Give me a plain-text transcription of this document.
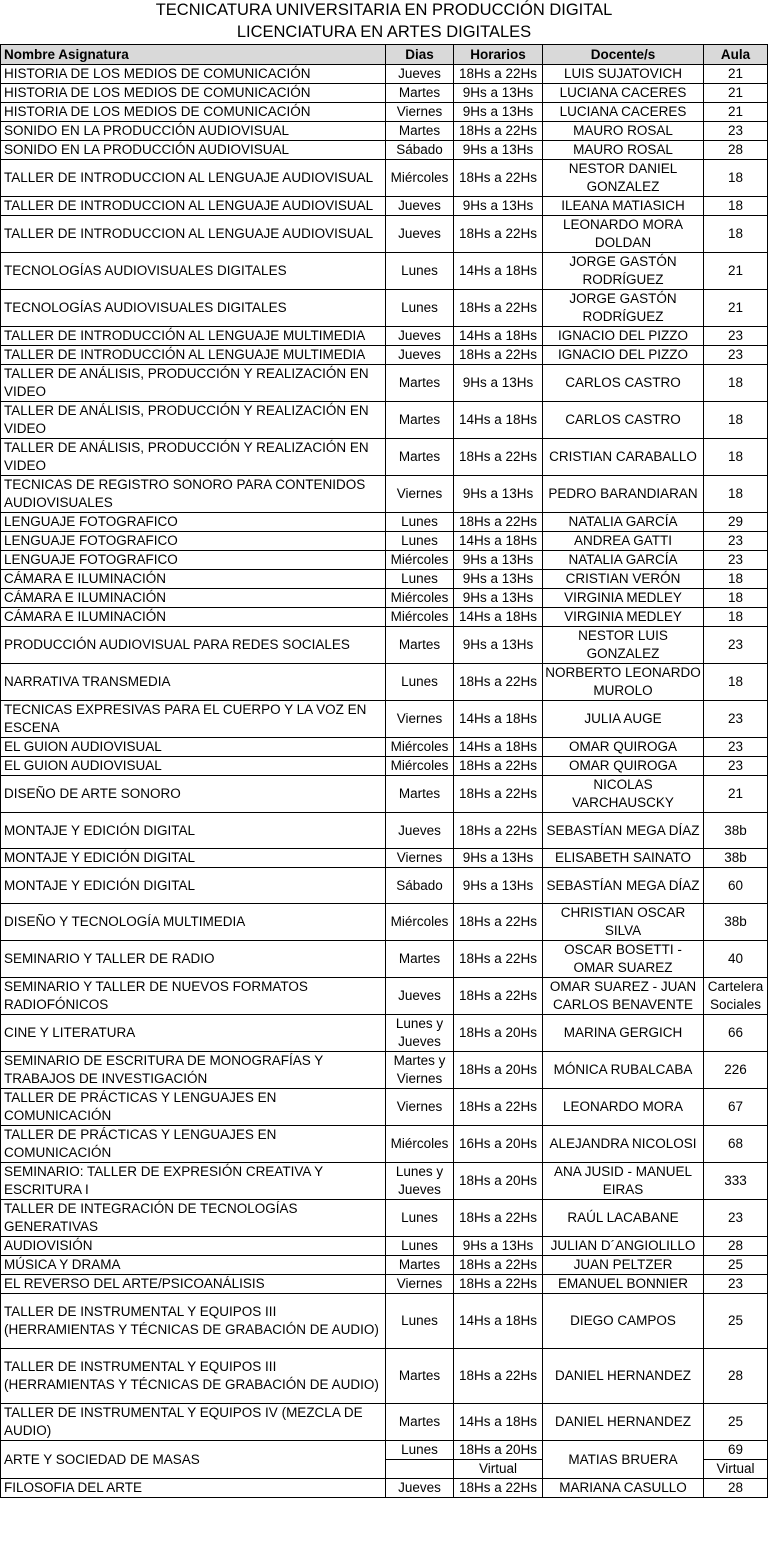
TECNICATURA UNIVERSITARIA EN PRODUCCIÓN DIGITAL
LICENCIATURA EN ARTES DIGITALES
Nombre Asignatura	Dias	Horarios	Docente/s	Aula
HISTORIA DE LOS MEDIOS DE COMUNICACIÓN	Jueves	18Hs a 22Hs	LUIS SUJATOVICH	21
HISTORIA DE LOS MEDIOS DE COMUNICACIÓN	Martes	9Hs a 13Hs	LUCIANA CACERES	21
HISTORIA DE LOS MEDIOS DE COMUNICACIÓN	Viernes	9Hs a 13Hs	LUCIANA CACERES	21
SONIDO EN LA PRODUCCIÓN AUDIOVISUAL	Martes	18Hs a 22Hs	MAURO ROSAL	23
SONIDO EN LA PRODUCCIÓN AUDIOVISUAL	Sábado	9Hs a 13Hs	MAURO ROSAL	28
TALLER DE INTRODUCCION AL LENGUAJE AUDIOVISUAL	Miércoles	18Hs a 22Hs	NESTOR DANIEL GONZALEZ	18
TALLER DE INTRODUCCION AL LENGUAJE AUDIOVISUAL	Jueves	9Hs a 13Hs	ILEANA MATIASICH	18
TALLER DE INTRODUCCION AL LENGUAJE AUDIOVISUAL	Jueves	18Hs a 22Hs	LEONARDO MORA DOLDAN	18
TECNOLOGÍAS AUDIOVISUALES DIGITALES	Lunes	14Hs a 18Hs	JORGE GASTÓN RODRÍGUEZ	21
TECNOLOGÍAS AUDIOVISUALES DIGITALES	Lunes	18Hs a 22Hs	JORGE GASTÓN RODRÍGUEZ	21
TALLER DE INTRODUCCIÓN AL LENGUAJE MULTIMEDIA	Jueves	14Hs a 18Hs	IGNACIO DEL PIZZO	23
TALLER DE INTRODUCCIÓN AL LENGUAJE MULTIMEDIA	Jueves	18Hs a 22Hs	IGNACIO DEL PIZZO	23
TALLER DE ANÁLISIS, PRODUCCIÓN Y REALIZACIÓN EN VIDEO	Martes	9Hs a 13Hs	CARLOS CASTRO	18
TALLER DE ANÁLISIS, PRODUCCIÓN Y REALIZACIÓN EN VIDEO	Martes	14Hs a 18Hs	CARLOS CASTRO	18
TALLER DE ANÁLISIS, PRODUCCIÓN Y REALIZACIÓN EN VIDEO	Martes	18Hs a 22Hs	CRISTIAN CARABALLO	18
TECNICAS DE REGISTRO SONORO PARA CONTENIDOS AUDIOVISUALES	Viernes	9Hs a 13Hs	PEDRO BARANDIARAN	18
LENGUAJE FOTOGRAFICO	Lunes	18Hs a 22Hs	NATALIA GARCÍA	29
LENGUAJE FOTOGRAFICO	Lunes	14Hs a 18Hs	ANDREA GATTI	23
LENGUAJE FOTOGRAFICO	Miércoles	9Hs a 13Hs	NATALIA GARCÍA	23
CÁMARA E ILUMINACIÓN	Lunes	9Hs a 13Hs	CRISTIAN VERÓN	18
CÁMARA E ILUMINACIÓN	Miércoles	9Hs a 13Hs	VIRGINIA MEDLEY	18
CÁMARA E ILUMINACIÓN	Miércoles	14Hs a 18Hs	VIRGINIA MEDLEY	18
PRODUCCIÓN AUDIOVISUAL PARA REDES SOCIALES	Martes	9Hs a 13Hs	NESTOR LUIS GONZALEZ	23
NARRATIVA TRANSMEDIA	Lunes	18Hs a 22Hs	NORBERTO LEONARDO MUROLO	18
TECNICAS EXPRESIVAS PARA EL CUERPO Y LA VOZ EN ESCENA	Viernes	14Hs a 18Hs	JULIA AUGE	23
EL GUION AUDIOVISUAL	Miércoles	14Hs a 18Hs	OMAR QUIROGA	23
EL GUION AUDIOVISUAL	Miércoles	18Hs a 22Hs	OMAR QUIROGA	23
DISEÑO DE ARTE SONORO	Martes	18Hs a 22Hs	NICOLAS VARCHAUSCKY	21
MONTAJE Y EDICIÓN DIGITAL	Jueves	18Hs a 22Hs	SEBASTÍAN MEGA DÍAZ	38b
MONTAJE Y EDICIÓN DIGITAL	Viernes	9Hs a 13Hs	ELISABETH SAINATO	38b
MONTAJE Y EDICIÓN DIGITAL	Sábado	9Hs a 13Hs	SEBASTÍAN MEGA DÍAZ	60
DISEÑO Y TECNOLOGÍA MULTIMEDIA	Miércoles	18Hs a 22Hs	CHRISTIAN OSCAR SILVA	38b
SEMINARIO Y TALLER DE RADIO	Martes	18Hs a 22Hs	OSCAR BOSETTI - OMAR SUAREZ	40
SEMINARIO Y TALLER DE NUEVOS FORMATOS RADIOFÓNICOS	Jueves	18Hs a 22Hs	OMAR SUAREZ - JUAN CARLOS BENAVENTE	Cartelera Sociales
CINE Y LITERATURA	Lunes y Jueves	18Hs a 20Hs	MARINA GERGICH	66
SEMINARIO DE ESCRITURA DE MONOGRAFÍAS Y TRABAJOS DE INVESTIGACIÓN	Martes y Viernes	18Hs a 20Hs	MÓNICA RUBALCABA	226
TALLER DE PRÁCTICAS Y LENGUAJES EN COMUNICACIÓN	Viernes	18Hs a 22Hs	LEONARDO MORA	67
TALLER DE PRÁCTICAS Y LENGUAJES EN COMUNICACIÓN	Miércoles	16Hs a 20Hs	ALEJANDRA NICOLOSI	68
SEMINARIO: TALLER DE EXPRESIÓN CREATIVA Y ESCRITURA I	Lunes y Jueves	18Hs a 20Hs	ANA JUSID - MANUEL EIRAS	333
TALLER DE INTEGRACIÓN DE TECNOLOGÍAS GENERATIVAS	Lunes	18Hs a 22Hs	RAÚL LACABANE	23
AUDIOVISIÓN	Lunes	9Hs a 13Hs	JULIAN D´ANGIOLILLO	28
MÚSICA Y DRAMA	Martes	18Hs a 22Hs	JUAN PELTZER	25
EL REVERSO DEL ARTE/PSICOANÁLISIS	Viernes	18Hs a 22Hs	EMANUEL BONNIER	23
TALLER DE INSTRUMENTAL Y EQUIPOS III (HERRAMIENTAS Y TÉCNICAS DE GRABACIÓN DE AUDIO)	Lunes	14Hs a 18Hs	DIEGO CAMPOS	25
TALLER DE INSTRUMENTAL Y EQUIPOS III (HERRAMIENTAS Y TÉCNICAS DE GRABACIÓN DE AUDIO)	Martes	18Hs a 22Hs	DANIEL HERNANDEZ	28
TALLER DE INSTRUMENTAL Y EQUIPOS IV (MEZCLA DE AUDIO)	Martes	14Hs a 18Hs	DANIEL HERNANDEZ	25
ARTE Y SOCIEDAD DE MASAS	Lunes	18Hs a 20Hs	MATIAS BRUERA	69
		Virtual		Virtual
FILOSOFIA DEL ARTE	Jueves	18Hs a 22Hs	MARIANA CASULLO	28
